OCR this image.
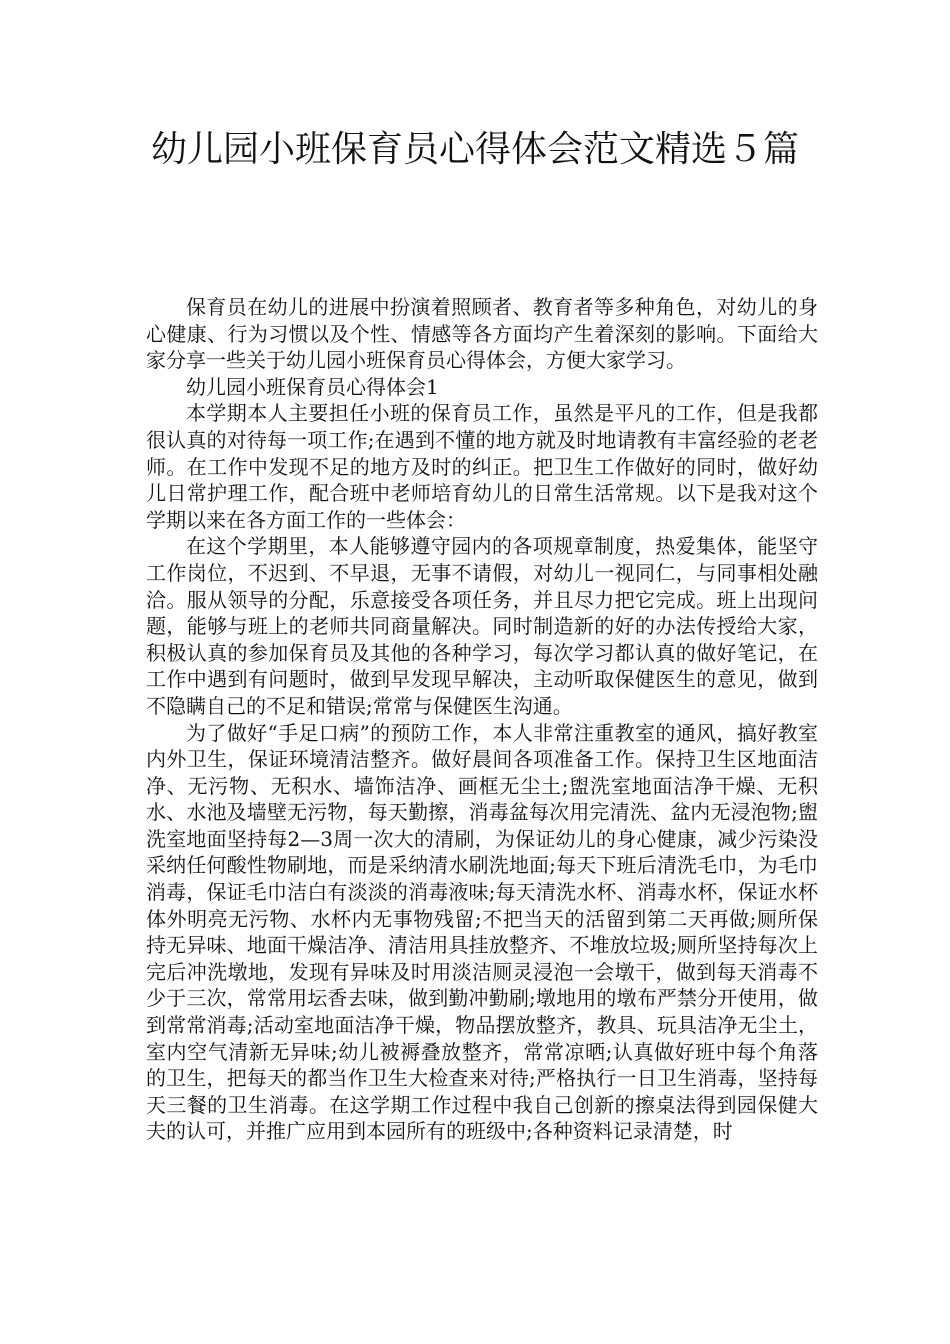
幼儿园小班保育员心得体会范文精选５篇

保育员在幼儿的进展中扮演着照顾者、教育者等多种角色，对幼儿的身心健康、行为习惯以及个性、情感等各方面均产生着深刻的影响。下面给大家分享一些关于幼儿园小班保育员心得体会，方便大家学习。

幼儿园小班保育员心得体会1

本学期本人主要担任小班的保育员工作，虽然是平凡的工作，但是我都很认真的对待每一项工作;在遇到不懂的地方就及时地请教有丰富经验的老老师。在工作中发现不足的地方及时的纠正。把卫生工作做好的同时，做好幼儿日常护理工作，配合班中老师培育幼儿的日常生活常规。以下是我对这个学期以来在各方面工作的一些体会：

在这个学期里，本人能够遵守园内的各项规章制度，热爱集体，能坚守工作岗位，不迟到、不早退，无事不请假，对幼儿一视同仁，与同事相处融洽。服从领导的分配，乐意接受各项任务，并且尽力把它完成。班上出现问题，能够与班上的老师共同商量解决。同时制造新的好的办法传授给大家，积极认真的参加保育员及其他的各种学习，每次学习都认真的做好笔记，在工作中遇到有问题时，做到早发现早解决，主动听取保健医生的意见，做到不隐瞒自己的不足和错误;常常与保健医生沟通。

为了做好“手足口病”的预防工作，本人非常注重教室的通风，搞好教室内外卫生，保证环境清洁整齐。做好晨间各项准备工作。保持卫生区地面洁净、无污物、无积水、墙饰洁净、画框无尘土;盥洗室地面洁净干燥、无积水、水池及墙壁无污物，每天勤擦，消毒盆每次用完清洗、盆内无浸泡物;盥洗室地面坚持每2—3周一次大的清刷，为保证幼儿的身心健康，减少污染没采纳任何酸性物刷地，而是采纳清水刷洗地面;每天下班后清洗毛巾，为毛巾消毒，保证毛巾洁白有淡淡的消毒液味;每天清洗水杯、消毒水杯，保证水杯体外明亮无污物、水杯内无事物残留;不把当天的活留到第二天再做;厕所保持无异味、地面干燥洁净、清洁用具挂放整齐、不堆放垃圾;厕所坚持每次上完后冲洗墩地，发现有异味及时用淡洁厕灵浸泡一会墩干，做到每天消毒不少于三次，常常用坛香去味，做到勤冲勤刷;墩地用的墩布严禁分开使用，做到常常消毒;活动室地面洁净干燥，物品摆放整齐，教具、玩具洁净无尘土，室内空气清新无异味;幼儿被褥叠放整齐，常常凉晒;认真做好班中每个角落的卫生，把每天的都当作卫生大检查来对待;严格执行一日卫生消毒，坚持每天三餐的卫生消毒。在这学期工作过程中我自己创新的擦桌法得到园保健大夫的认可，并推广应用到本园所有的班级中;各种资料记录清楚，时
